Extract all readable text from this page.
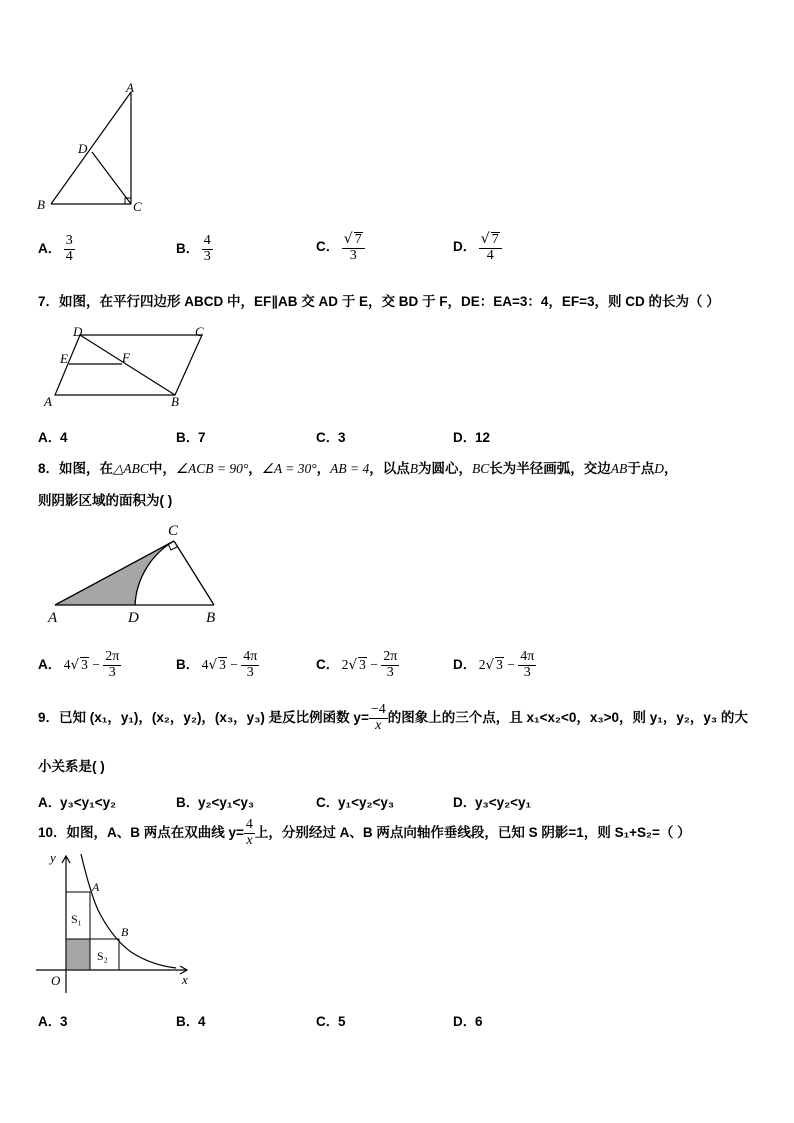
A
D
B	C
A． $\frac{3}{4}$	B． $\frac{4}{3}$	C． $\frac{√ 7}{3}$	D． $\frac{√ 7}{4}$
7．如图，在平行四边形 ABCD 中，EF∥AB 交 AD 于 E，交 BD 于 F，DE：EA=3：4，EF=3，则 CD 的长为（ ）
D	C
E	F
A	B
A．4	B．7	C．3	D．12
8．如图，在△ABC中，∠ACB = 90°，∠A = 30°，AB = 4，以点B为圆心，BC长为半径画弧，交边AB于点D，
则阴影区域的面积为( )
C
A	D	B
A． 4√ $3 - \frac{2\pi}{3}$	B． 4√ $3 - \frac{4\pi}{3}$	C． 2√ $3 - \frac{2\pi}{3}$	D． 2√ $3 - \frac{4\pi}{3}$
9．已知 (x₁，y₁)，(x₂，y₂)，(x₃，y₃) 是反比例函数 $y= \frac{-4}{x}$ 的图象上的三个点，且 x₁<x₂<0，x₃>0，则 y₁，y₂，y₃ 的大
小关系是( )
A．y₃<y₁<y₂	B．y₂<y₁<y₃	C．y₁<y₂<y₃	D．y₃<y₂<y₁
10．如图，A、B 两点在双曲线 $y= \frac{4}{x}$ 上，分别经过 A、B 两点向轴作垂线段，已知 S 阴影=1，则 S₁+S₂=（ ）
y
x
O
A
B
S₁
S₂
A．3	B．4	C．5	D．6
